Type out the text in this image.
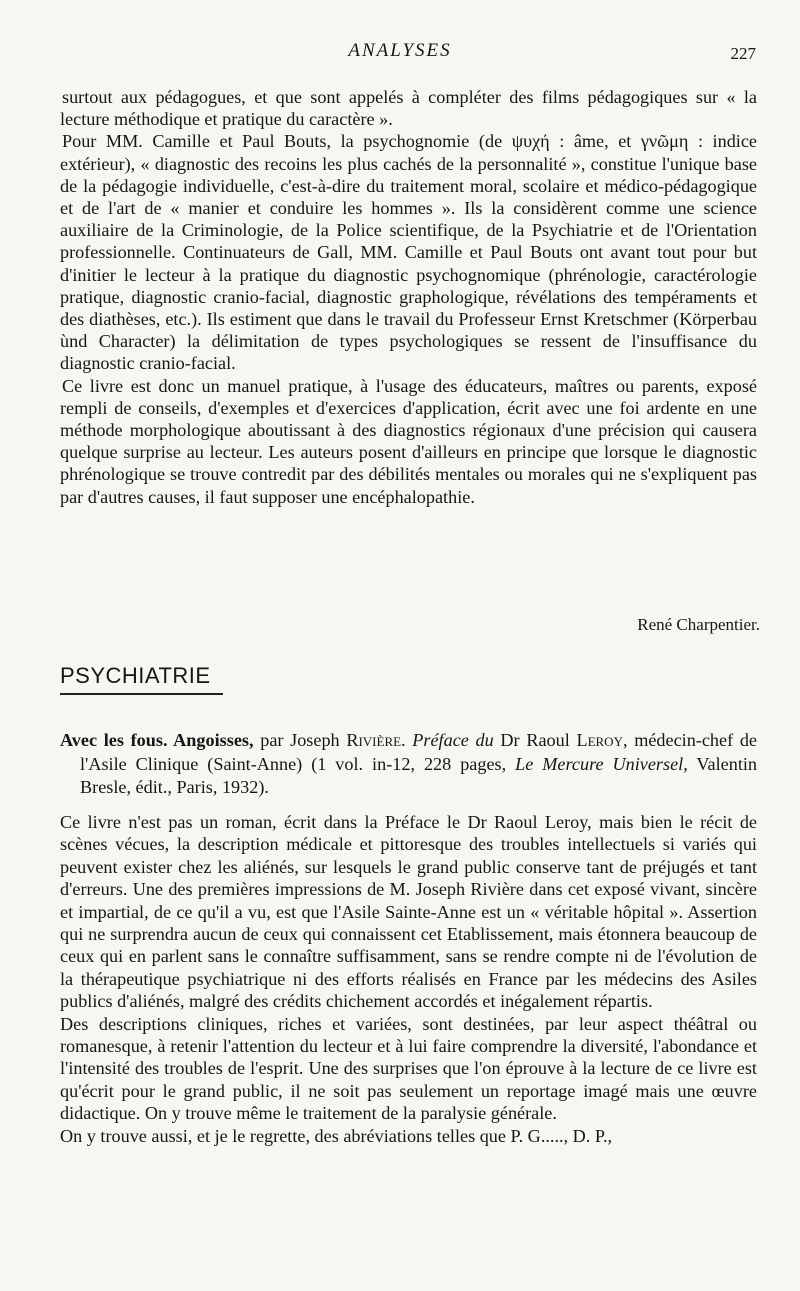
ANALYSES	227

surtout aux pédagogues, et que sont appelés à compléter des films pédagogiques sur « la lecture méthodique et pratique du caractère ».

Pour MM. Camille et Paul Bouts, la psychognomie (de ψυχή : âme, et γνῶμη : indice extérieur), « diagnostic des recoins les plus cachés de la personnalité », constitue l'unique base de la pédagogie individuelle, c'est-à-dire du traitement moral, scolaire et médico-pédagogique et de l'art de « manier et conduire les hommes ». Ils la considèrent comme une science auxiliaire de la Criminologie, de la Police scientifique, de la Psychiatrie et de l'Orientation professionnelle. Continuateurs de Gall, MM. Camille et Paul Bouts ont avant tout pour but d'initier le lecteur à la pratique du diagnostic psychognomique (phrénologie, caractérologie pratique, diagnostic cranio-facial, diagnostic graphologique, révélations des tempéraments et des diathèses, etc.). Ils estiment que dans le travail du Professeur Ernst Kretschmer (Körperbau ùnd Character) la délimitation de types psychologiques se ressent de l'insuffisance du diagnostic cranio-facial.

Ce livre est donc un manuel pratique, à l'usage des éducateurs, maîtres ou parents, exposé rempli de conseils, d'exemples et d'exercices d'application, écrit avec une foi ardente en une méthode morphologique aboutissant à des diagnostics régionaux d'une précision qui causera quelque surprise au lecteur. Les auteurs posent d'ailleurs en principe que lorsque le diagnostic phrénologique se trouve contredit par des débilités mentales ou morales qui ne s'expliquent pas par d'autres causes, il faut supposer une encéphalopathie.

René Charpentier.
PSYCHIATRIE

Avec les fous. Angoisses, par Joseph Rivière. Préface du Dr Raoul Leroy, médecin-chef de l'Asile Clinique (Saint-Anne) (1 vol. in-12, 228 pages, Le Mercure Universel, Valentin Bresle, édit., Paris, 1932).

Ce livre n'est pas un roman, écrit dans la Préface le Dr Raoul Leroy, mais bien le récit de scènes vécues, la description médicale et pittoresque des troubles intellectuels si variés qui peuvent exister chez les aliénés, sur lesquels le grand public conserve tant de préjugés et tant d'erreurs. Une des premières impressions de M. Joseph Rivière dans cet exposé vivant, sincère et impartial, de ce qu'il a vu, est que l'Asile Sainte-Anne est un « véritable hôpital ». Assertion qui ne surprendra aucun de ceux qui connaissent cet Etablissement, mais étonnera beaucoup de ceux qui en parlent sans le connaître suffisamment, sans se rendre compte ni de l'évolution de la thérapeutique psychiatrique ni des efforts réalisés en France par les médecins des Asiles publics d'aliénés, malgré des crédits chichement accordés et inégalement répartis.

Des descriptions cliniques, riches et variées, sont destinées, par leur aspect théâtral ou romanesque, à retenir l'attention du lecteur et à lui faire comprendre la diversité, l'abondance et l'intensité des troubles de l'esprit. Une des surprises que l'on éprouve à la lecture de ce livre est qu'écrit pour le grand public, il ne soit pas seulement un reportage imagé mais une œuvre didactique. On y trouve même le traitement de la paralysie générale.

On y trouve aussi, et je le regrette, des abréviations telles que P. G....., D. P.,
